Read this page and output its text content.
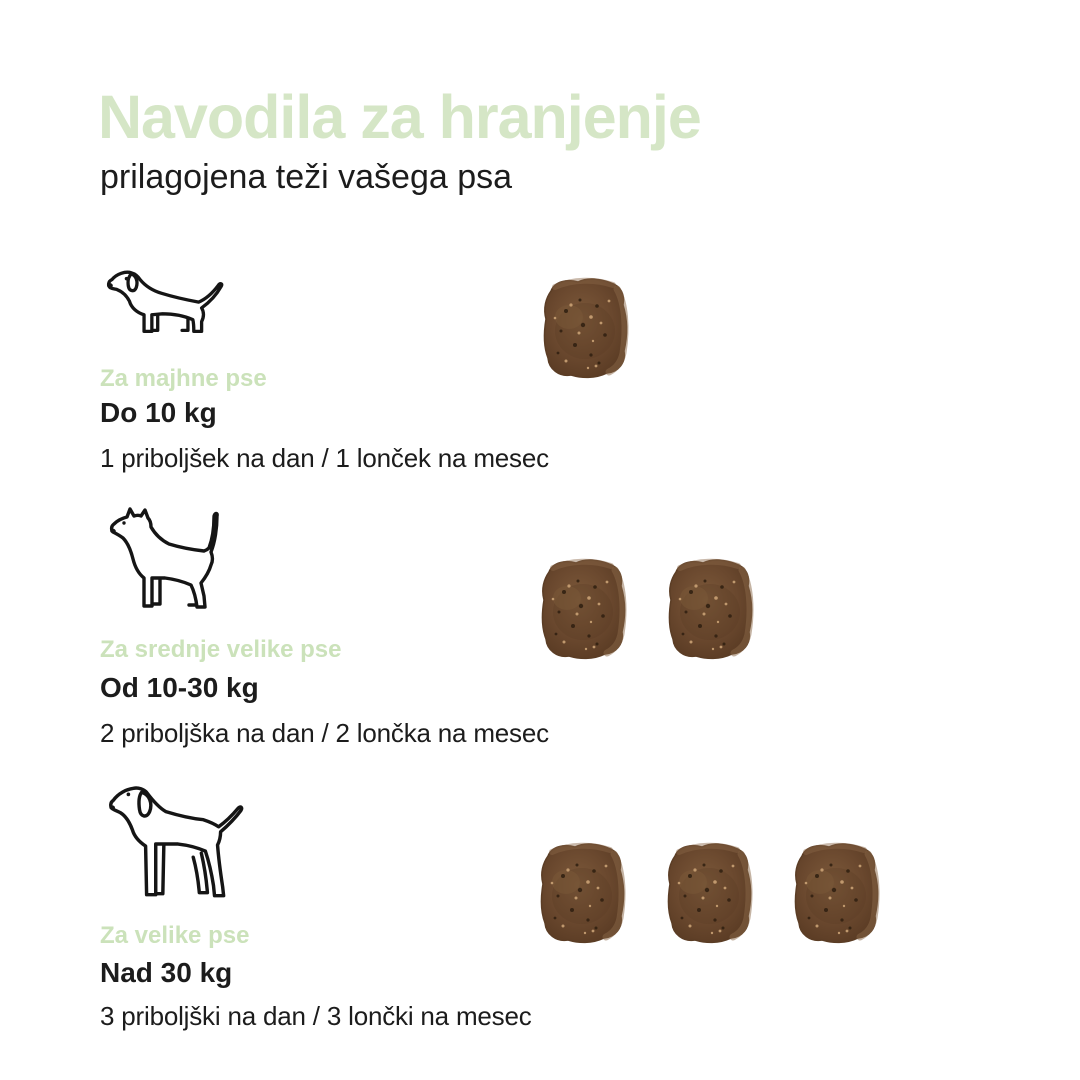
Navodila za hranjenje
prilagojena teži vašega psa
Za majhne pse
Do 10 kg
1 priboljšek na dan / 1 lonček na mesec
Za srednje velike pse
Od 10-30 kg
2 priboljška na dan / 2 lončka na mesec
Za velike pse
Nad 30 kg
3 priboljški na dan / 3 lončki na mesec
